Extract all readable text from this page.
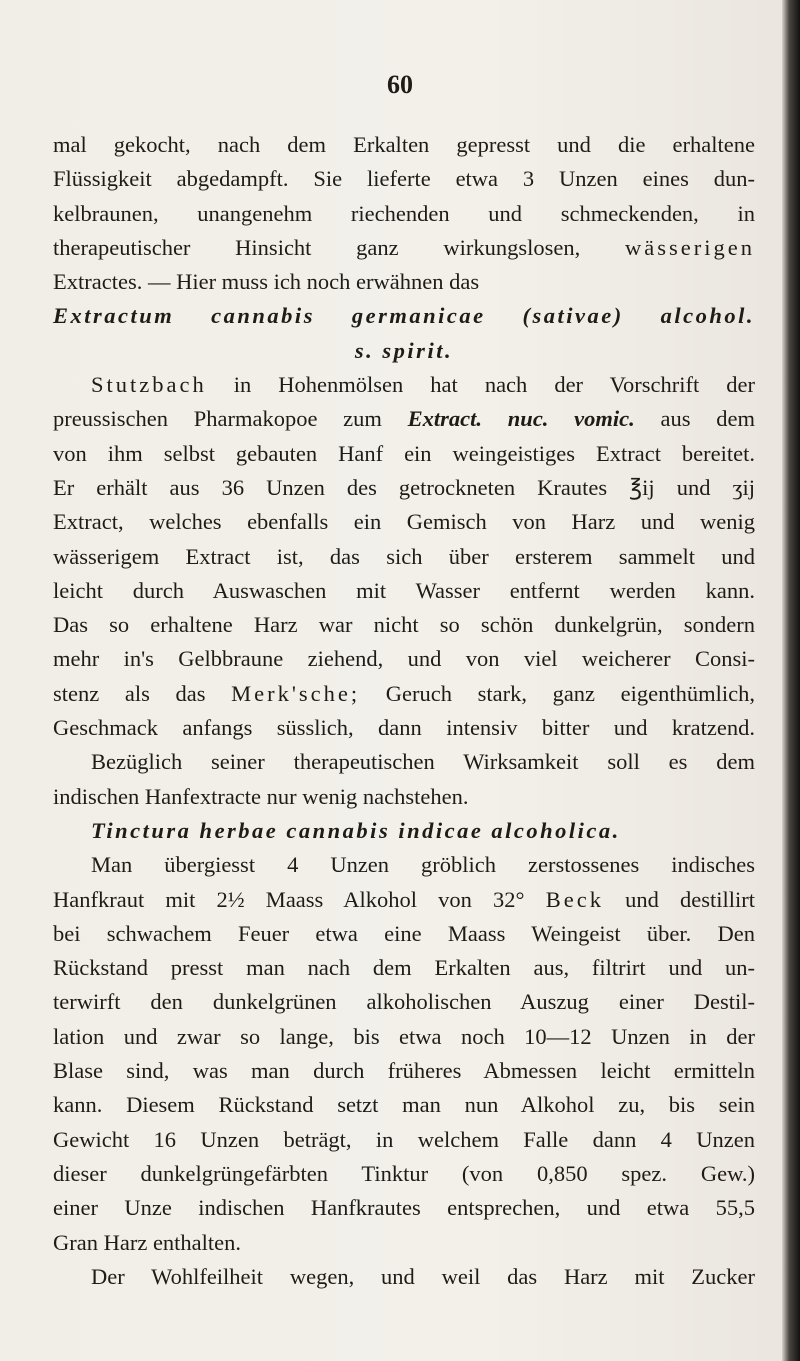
60
mal gekocht, nach dem Erkalten gepresst und die erhaltene
Flüssigkeit abgedampft. Sie lieferte etwa 3 Unzen eines dun-
kelbraunen, unangenehm riechenden und schmeckenden, in
therapeutischer Hinsicht ganz wirkungslosen, wässerigen
Extractes. — Hier muss ich noch erwähnen das
Extractum cannabis germanicae (sativae) alcohol.
s. spirit.
Stutzbach in Hohenmölsen hat nach der Vorschrift der
preussischen Pharmakopoe zum Extract. nuc. vomic. aus dem
von ihm selbst gebauten Hanf ein weingeistiges Extract bereitet.
Er erhält aus 36 Unzen des getrockneten Krautes ℥ij und ʒij
Extract, welches ebenfalls ein Gemisch von Harz und wenig
wässerigem Extract ist, das sich über ersterem sammelt und
leicht durch Auswaschen mit Wasser entfernt werden kann.
Das so erhaltene Harz war nicht so schön dunkelgrün, sondern
mehr in's Gelbbraune ziehend, und von viel weicherer Consi-
stenz als das Merk'sche; Geruch stark, ganz eigenthümlich,
Geschmack anfangs süsslich, dann intensiv bitter und kratzend.
Bezüglich seiner therapeutischen Wirksamkeit soll es dem
indischen Hanfextracte nur wenig nachstehen.
Tinctura herbae cannabis indicae alcoholica.
Man übergiesst 4 Unzen gröblich zerstossenes indisches
Hanfkraut mit 2½ Maass Alkohol von 32° Beck und destillirt
bei schwachem Feuer etwa eine Maass Weingeist über. Den
Rückstand presst man nach dem Erkalten aus, filtrirt und un-
terwirft den dunkelgrünen alkoholischen Auszug einer Destil-
lation und zwar so lange, bis etwa noch 10—12 Unzen in der
Blase sind, was man durch früheres Abmessen leicht ermitteln
kann. Diesem Rückstand setzt man nun Alkohol zu, bis sein
Gewicht 16 Unzen beträgt, in welchem Falle dann 4 Unzen
dieser dunkelgrüngefärbten Tinktur (von 0,850 spez. Gew.)
einer Unze indischen Hanfkrautes entsprechen, und etwa 55,5
Gran Harz enthalten.
Der Wohlfeilheit wegen, und weil das Harz mit Zucker
